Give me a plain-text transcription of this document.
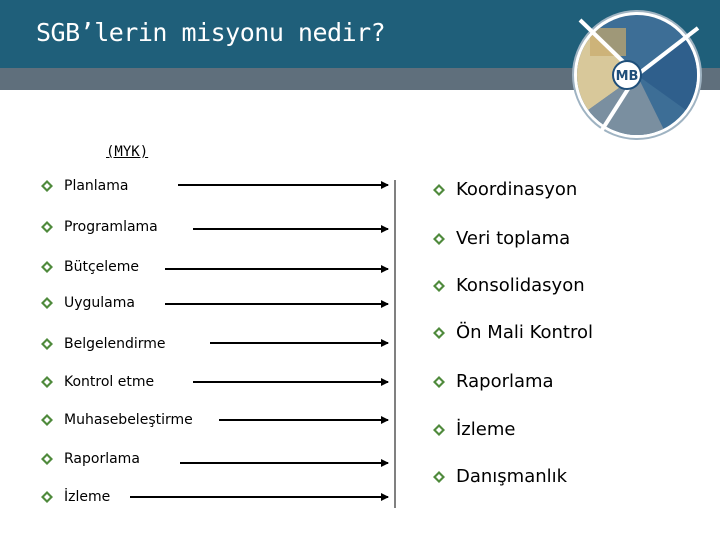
SGB’lerin misyonu nedir?
MB
(MYK)
Planlama
Programlama
Bütçeleme
Uygulama
Belgelendirme
Kontrol etme
Muhasebeleştirme
Raporlama
İzleme
Koordinasyon
Veri toplama
Konsolidasyon
Ön Mali Kontrol
Raporlama
İzleme
Danışmanlık
